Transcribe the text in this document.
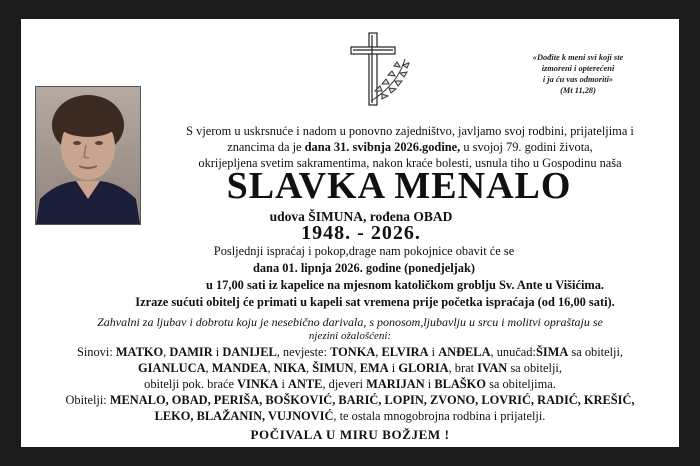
«Dođite k meni svi koji ste
izmoreni i opterećeni
i ja ću vas odmoriti»
(Mt 11,28)
S vjerom u uskrsnuće i nadom u ponovno zajedništvo, javljamo svoj rodbini, prijateljima i
znancima da je dana 31. svibnja 2026.godine, u svojoj 79. godini života,
okrijepljena svetim sakramentima, nakon kraće bolesti, usnula tiho u Gospodinu naša
SLAVKA MENALO
udova ŠIMUNA, rođena OBAD
1948. - 2026.
Posljednji ispraćaj i pokop,drage nam pokojnice obavit će se
dana 01. lipnja 2026. godine (ponedjeljak)
u 17,00 sati iz kapelice na mjesnom katoličkom groblju Sv. Ante u Višićima.
Izraze sućuti obitelj će primati u kapeli sat vremena prije početka ispraćaja (od 16,00 sati).
Zahvalni za ljubav i dobrotu koju je nesebično darivala, s ponosom,ljubavlju u srcu i molitvi opraštaju se
njezini ožalošćeni:
Sinovi: MATKO, DAMIR i DANIJEL, nevjeste: TONKA, ELVIRA i ANĐELA, unučad:ŠIMA sa obitelji,
GIANLUCA, MANDEA, NIKA, ŠIMUN, EMA i GLORIA, brat IVAN sa obitelji,
obitelji pok. braće VINKA i ANTE, djeveri MARIJAN i BLAŠKO sa obiteljima.
Obitelji: MENALO, OBAD, PERIŠA, BOŠKOVIĆ, BARIĆ, LOPIN, ZVONO, LOVRIĆ, RADIĆ, KREŠIĆ,
LEKO, BLAŽANIN, VUJNOVIĆ, te ostala mnogobrojna rodbina i prijatelji.
POČIVALA U MIRU BOŽJEM !
